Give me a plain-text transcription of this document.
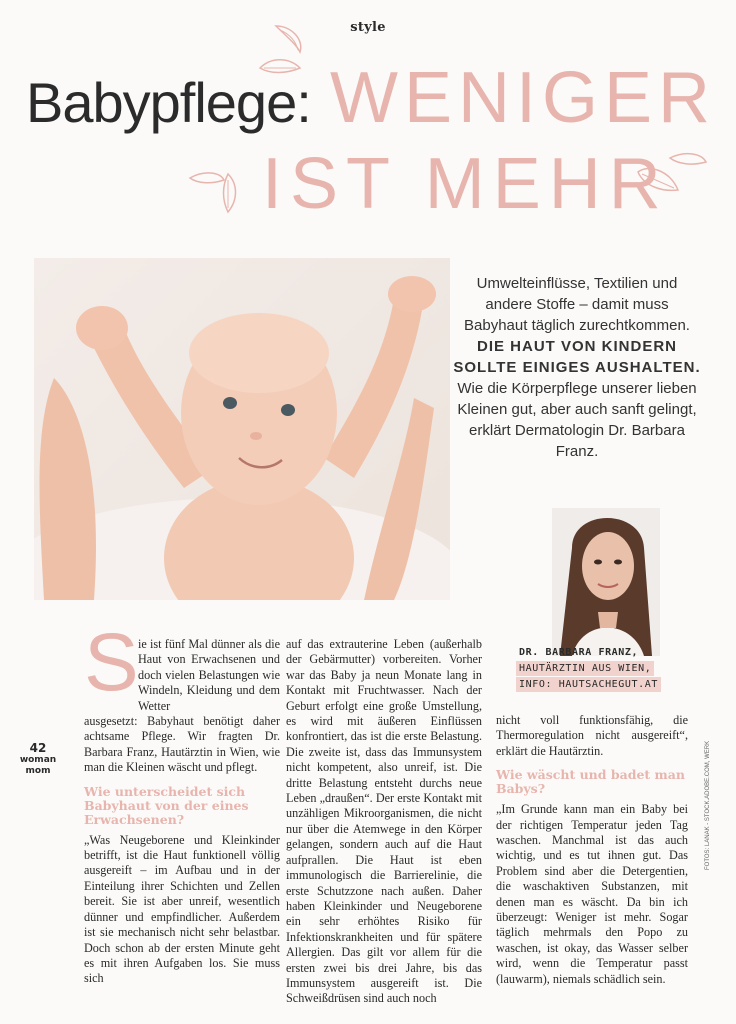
style
Babypflege: WENIGER
IST MEHR
Umwelteinflüsse, Textilien und andere Stoffe – damit muss Babyhaut täglich zurechtkommen. DIE HAUT VON KINDERN SOLLTE EINIGES AUSHALTEN. Wie die Körperpflege unserer lieben Kleinen gut, aber auch sanft gelingt, erklärt Dermatologin Dr. Barbara Franz.
DR. BARBARA FRANZ,
HAUTÄRZTIN AUS WIEN,
INFO: HAUTSACHEGUT.AT
S ie ist fünf Mal dünner als die Haut von Erwachsenen und doch vielen Belastungen wie Windeln, Kleidung und dem Wetter

ausgesetzt: Babyhaut benötigt daher achtsame Pflege. Wir fragten Dr. Barbara Franz, Hautärztin in Wien, wie man die Kleinen wäscht und pflegt.

Wie unterscheidet sich Babyhaut von der eines Erwachsenen?

„Was Neugeborene und Kleinkinder betrifft, ist die Haut funktionell völlig ausgereift – im Aufbau und in der Einteilung ihrer Schichten und Zellen bereit. Sie ist aber unreif, wesentlich dünner und empfindlicher. Außerdem ist sie mechanisch nicht sehr belastbar. Doch schon ab der ersten Minute geht es mit ihren Aufgaben los. Sie muss sich

auf das extrauterine Leben (außerhalb der Gebärmutter) vorbereiten. Vorher war das Baby ja neun Monate lang in Kontakt mit Fruchtwasser. Nach der Geburt erfolgt eine große Umstellung, es wird mit äußeren Einflüssen konfrontiert, das ist die erste Belastung. Die zweite ist, dass das Immunsystem nicht kompetent, also unreif, ist. Die dritte Belastung entsteht durchs neue Leben „draußen“. Der erste Kontakt mit unzähligen Mikroorganismen, die nicht nur über die Atemwege in den Körper gelangen, sondern auch auf die Haut aufprallen. Die Haut ist eben immunologisch die Barrierelinie, die erste Schutzzone nach außen. Daher haben Kleinkinder und Neugeborene ein sehr erhöhtes Risiko für Infektionskrankheiten und für spätere Allergien. Das gilt vor allem für die ersten zwei bis drei Jahre, bis das Immunsystem ausgereift ist. Die Schweißdrüsen sind auch noch

nicht voll funktionsfähig, die Thermoregulation nicht ausgereift“, erklärt die Hautärztin.

Wie wäscht und badet man Babys?

„Im Grunde kann man ein Baby bei der richtigen Temperatur jeden Tag waschen. Manchmal ist das auch wichtig, und es tut ihnen gut. Das Problem sind aber die Detergentien, die waschaktiven Substanzen, mit denen man es wäscht. Da bin ich überzeugt: Weniger ist mehr. Sogar täglich mehrmals den Popo zu waschen, ist okay, das Wasser selber wird, wenn die Temperatur passt (lauwarm), niemals schädlich sein.

42
woman
mom	FOTOS: LANAK - STOCK.ADOBE.COM, WERK
